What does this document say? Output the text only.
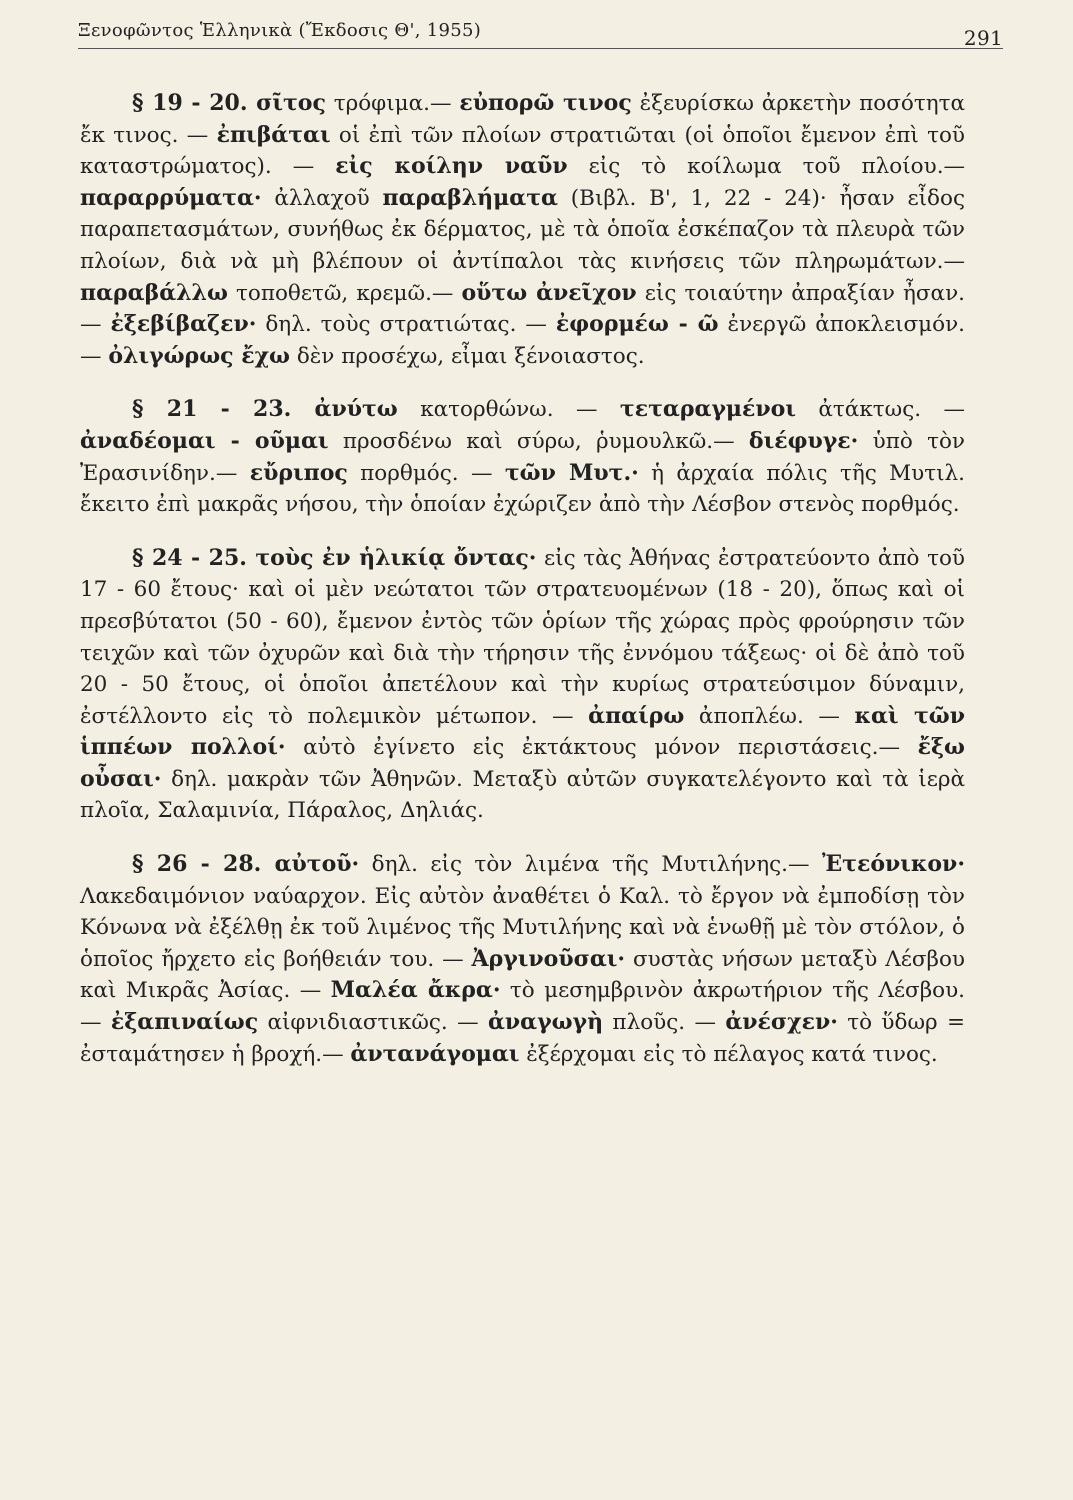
Ξενοφῶντος Ἑλληνικὰ (Ἔκδοσις Θ', 1955)	291

§ 19 - 20. σῖτος τρόφιμα.— εὐπορῶ τινος ἐξευρίσκω ἀρκετὴν ποσότητα ἔκ τινος. — ἐπιβάται οἱ ἐπὶ τῶν πλοίων στρατιῶται (οἱ ὁποῖοι ἔμενον ἐπὶ τοῦ καταστρώματος). — εἰς κοίλην ναῦν εἰς τὸ κοίλωμα τοῦ πλοίου.— παραρρύματα· ἀλλαχοῦ παραβλήματα (Βιβλ. Β', 1, 22 - 24)· ἦσαν εἶδος παραπετασμάτων, συνήθως ἐκ δέρματος, μὲ τὰ ὁποῖα ἐσκέπαζον τὰ πλευρὰ τῶν πλοίων, διὰ νὰ μὴ βλέπουν οἱ ἀντίπαλοι τὰς κινήσεις τῶν πληρωμάτων.— παραβάλλω τοποθετῶ, κρεμῶ.— οὕτω ἀνεῖχον εἰς τοιαύτην ἀπραξίαν ἦσαν.— ἐξεβίβαζεν· δηλ. τοὺς στρατιώτας. — ἐφορμέω - ῶ ἐνεργῶ ἀποκλεισμόν.— ὀλιγώρως ἔχω δὲν προσέχω, εἶμαι ξένοιαστος.

§ 21 - 23. ἀνύτω κατορθώνω. — τεταραγμένοι ἀτάκτως. — ἀναδέομαι - οῦμαι προσδένω καὶ σύρω, ῥυμουλκῶ.— διέφυγε· ὑπὸ τὸν Ἐρασινίδην.— εὔριπος πορθμός. — τῶν Μυτ.· ἡ ἀρχαία πόλις τῆς Μυτιλ. ἔκειτο ἐπὶ μακρᾶς νήσου, τὴν ὁποίαν ἐχώριζεν ἀπὸ τὴν Λέσβον στενὸς πορθμός.

§ 24 - 25. τοὺς ἐν ἡλικίᾳ ὄντας· εἰς τὰς Ἀθήνας ἐστρατεύοντο ἀπὸ τοῦ 17 - 60 ἔτους· καὶ οἱ μὲν νεώτατοι τῶν στρατευομένων (18 - 20), ὅπως καὶ οἱ πρεσβύτατοι (50 - 60), ἔμενον ἐντὸς τῶν ὁρίων τῆς χώρας πρὸς φρούρησιν τῶν τειχῶν καὶ τῶν ὀχυρῶν καὶ διὰ τὴν τήρησιν τῆς ἐννόμου τάξεως· οἱ δὲ ἀπὸ τοῦ 20 - 50 ἔτους, οἱ ὁποῖοι ἀπετέλουν καὶ τὴν κυρίως στρατεύσιμον δύναμιν, ἐστέλλοντο εἰς τὸ πολεμικὸν μέτωπον. — ἀπαίρω ἀποπλέω. — καὶ τῶν ἱππέων πολλοί· αὐτὸ ἐγίνετο εἰς ἐκτάκτους μόνον περιστάσεις.— ἔξω οὖσαι· δηλ. μακρὰν τῶν Ἀθηνῶν. Μεταξὺ αὐτῶν συγκατελέγοντο καὶ τὰ ἱερὰ πλοῖα, Σαλαμινία, Πάραλος, Δηλιάς.

§ 26 - 28. αὐτοῦ· δηλ. εἰς τὸν λιμένα τῆς Μυτιλήνης.— Ἐτεόνικον· Λακεδαιμόνιον ναύαρχον. Εἰς αὐτὸν ἀναθέτει ὁ Καλ. τὸ ἔργον νὰ ἐμποδίσῃ τὸν Κόνωνα νὰ ἐξέλθῃ ἐκ τοῦ λιμένος τῆς Μυτιλήνης καὶ νὰ ἑνωθῇ μὲ τὸν στόλον, ὁ ὁποῖος ἤρχετο εἰς βοήθειάν του. — Ἀργινοῦσαι· συστὰς νήσων μεταξὺ Λέσβου καὶ Μικρᾶς Ἀσίας. — Μαλέα ἄκρα· τὸ μεσημβρινὸν ἀκρωτήριον τῆς Λέσβου. — ἐξαπιναίως αἰφνιδιαστικῶς. — ἀναγωγὴ πλοῦς. — ἀνέσχεν· τὸ ὕδωρ = ἐσταμάτησεν ἡ βροχή.— ἀντανάγομαι ἐξέρχομαι εἰς τὸ πέλαγος κατά τινος.
